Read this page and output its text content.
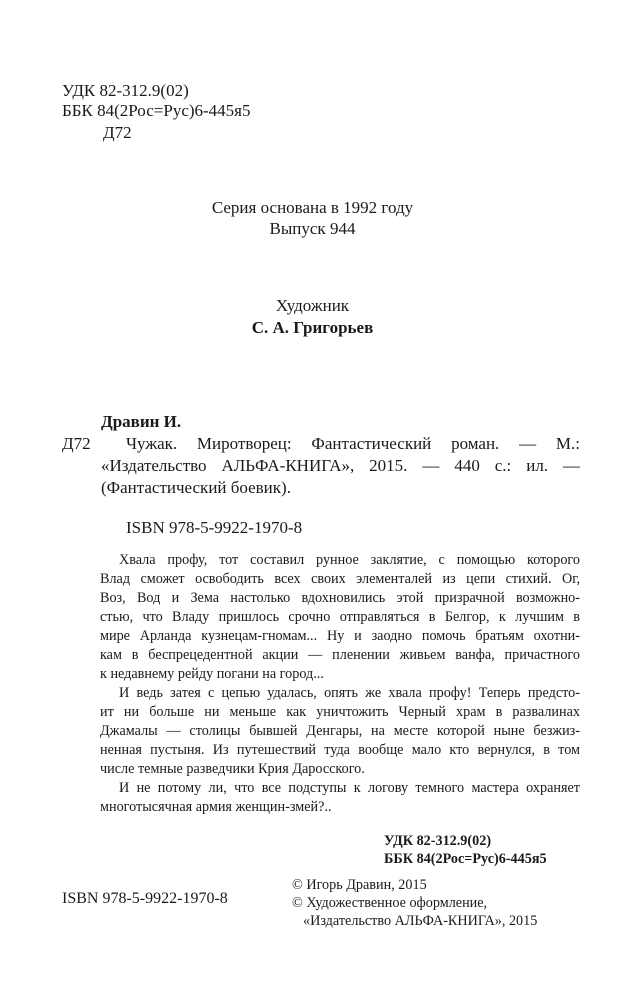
УДК 82-312.9(02)
ББК 84(2Рос=Рус)6-445я5
Д72
Серия основана в 1992 году
Выпуск 944
Художник
С. А. Григорьев
Дравин И.
Д72 Чужак. Миротворец: Фантастический роман. — М.:
«Издательство АЛЬФА-КНИГА», 2015. — 440 с.: ил. —
(Фантастический боевик).
ISBN 978-5-9922-1970-8
Хвала профу, тот составил рунное заклятие, с помощью которого
Влад сможет освободить всех своих элементалей из цепи стихий. Ог,
Воз, Вод и Зема настолько вдохновились этой призрачной возможно-
стью, что Владу пришлось срочно отправляться в Белгор, к лучшим в
мире Арланда кузнецам-гномам... Ну и заодно помочь братьям охотни-
кам в беспрецедентной акции — пленении живьем ванфа, причастного
к недавнему рейду погани на город...
И ведь затея с цепью удалась, опять же хвала профу! Теперь предсто-
ит ни больше ни меньше как уничтожить Черный храм в развалинах
Джамалы — столицы бывшей Денгары, на месте которой ныне безжиз-
ненная пустыня. Из путешествий туда вообще мало кто вернулся, в том
числе темные разведчики Крия Даросского.
И не потому ли, что все подступы к логову темного мастера охраняет
многотысячная армия женщин-змей?..
УДК 82-312.9(02)
ББК 84(2Рос=Рус)6-445я5
© Игорь Дравин, 2015
© Художественное оформление,
«Издательство АЛЬФА-КНИГА», 2015
ISBN 978-5-9922-1970-8
